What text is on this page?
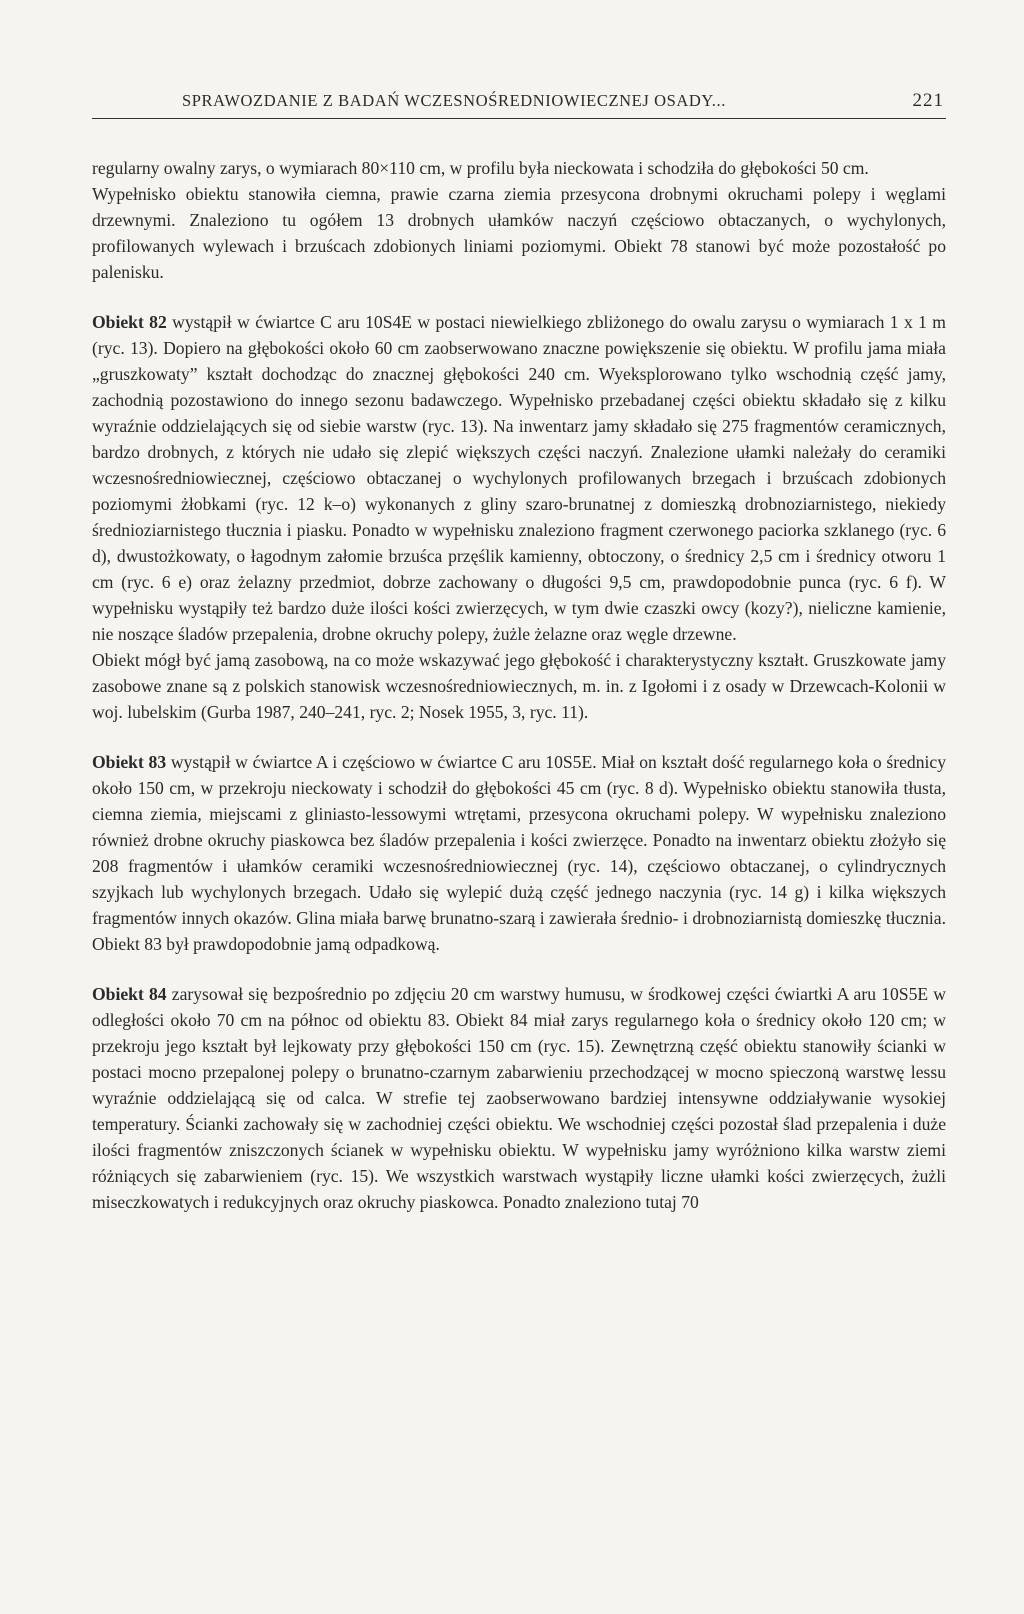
SPRAWOZDANIE Z BADAŃ WCZESNOŚREDNIOWIECZNEJ OSADY...	221

regularny owalny zarys, o wymiarach 80×110 cm, w profilu była nieckowata i schodziła do głębokości 50 cm.

Wypełnisko obiektu stanowiła ciemna, prawie czarna ziemia przesycona drobnymi okruchami polepy i węglami drzewnymi. Znaleziono tu ogółem 13 drobnych ułamków naczyń częściowo obtaczanych, o wychylonych, profilowanych wylewach i brzuścach zdobionych liniami poziomymi. Obiekt 78 stanowi być może pozostałość po palenisku.

Obiekt 82 wystąpił w ćwiartce C aru 10S4E w postaci niewielkiego zbliżonego do owalu zarysu o wymiarach 1 x 1 m (ryc. 13). Dopiero na głębokości około 60 cm zaobserwowano znaczne powiększenie się obiektu. W profilu jama miała „gruszkowaty” kształt dochodząc do znacznej głębokości 240 cm. Wyeksplorowano tylko wschodnią część jamy, zachodnią pozostawiono do innego sezonu badawczego. Wypełnisko przebadanej części obiektu składało się z kilku wyraźnie oddzielających się od siebie warstw (ryc. 13). Na inwentarz jamy składało się 275 fragmentów ceramicznych, bardzo drobnych, z których nie udało się zlepić większych części naczyń. Znalezione ułamki należały do ceramiki wczesnośredniowiecznej, częściowo obtaczanej o wychylonych profilowanych brzegach i brzuścach zdobionych poziomymi żłobkami (ryc. 12 k–o) wykonanych z gliny szaro-brunatnej z domieszką drobnoziarnistego, niekiedy średnioziarnistego tłucznia i piasku. Ponadto w wypełnisku znaleziono fragment czerwonego paciorka szklanego (ryc. 6 d), dwustożkowaty, o łagodnym załomie brzuśca przęślik kamienny, obtoczony, o średnicy 2,5 cm i średnicy otworu 1 cm (ryc. 6 e) oraz żelazny przedmiot, dobrze zachowany o długości 9,5 cm, prawdopodobnie punca (ryc. 6 f). W wypełnisku wystąpiły też bardzo duże ilości kości zwierzęcych, w tym dwie czaszki owcy (kozy?), nieliczne kamienie, nie noszące śladów przepalenia, drobne okruchy polepy, żużle żelazne oraz węgle drzewne.

Obiekt mógł być jamą zasobową, na co może wskazywać jego głębokość i charakterystyczny kształt. Gruszkowate jamy zasobowe znane są z polskich stanowisk wczesnośredniowiecznych, m. in. z Igołomi i z osady w Drzewcach-Kolonii w woj. lubelskim (Gurba 1987, 240–241, ryc. 2; Nosek 1955, 3, ryc. 11).

Obiekt 83 wystąpił w ćwiartce A i częściowo w ćwiartce C aru 10S5E. Miał on kształt dość regularnego koła o średnicy około 150 cm, w przekroju nieckowaty i schodził do głębokości 45 cm (ryc. 8 d). Wypełnisko obiektu stanowiła tłusta, ciemna ziemia, miejscami z gliniasto-lessowymi wtrętami, przesycona okruchami polepy. W wypełnisku znaleziono również drobne okruchy piaskowca bez śladów przepalenia i kości zwierzęce. Ponadto na inwentarz obiektu złożyło się 208 fragmentów i ułamków ceramiki wczesnośredniowiecznej (ryc. 14), częściowo obtaczanej, o cylindrycznych szyjkach lub wychylonych brzegach. Udało się wylepić dużą część jednego naczynia (ryc. 14 g) i kilka większych fragmentów innych okazów. Glina miała barwę brunatno-szarą i zawierała średnio- i drobnoziarnistą domieszkę tłucznia. Obiekt 83 był prawdopodobnie jamą odpadkową.

Obiekt 84 zarysował się bezpośrednio po zdjęciu 20 cm warstwy humusu, w środkowej części ćwiartki A aru 10S5E w odległości około 70 cm na północ od obiektu 83. Obiekt 84 miał zarys regularnego koła o średnicy około 120 cm; w przekroju jego kształt był lejkowaty przy głębokości 150 cm (ryc. 15). Zewnętrzną część obiektu stanowiły ścianki w postaci mocno przepalonej polepy o brunatno-czarnym zabarwieniu przechodzącej w mocno spieczoną warstwę lessu wyraźnie oddzielającą się od calca. W strefie tej zaobserwowano bardziej intensywne oddziaływanie wysokiej temperatury. Ścianki zachowały się w zachodniej części obiektu. We wschodniej części pozostał ślad przepalenia i duże ilości fragmentów zniszczonych ścianek w wypełnisku obiektu. W wypełnisku jamy wyróżniono kilka warstw ziemi różniących się zabarwieniem (ryc. 15). We wszystkich warstwach wystąpiły liczne ułamki kości zwierzęcych, żużli miseczkowatych i redukcyjnych oraz okruchy piaskowca. Ponadto znaleziono tutaj 70
